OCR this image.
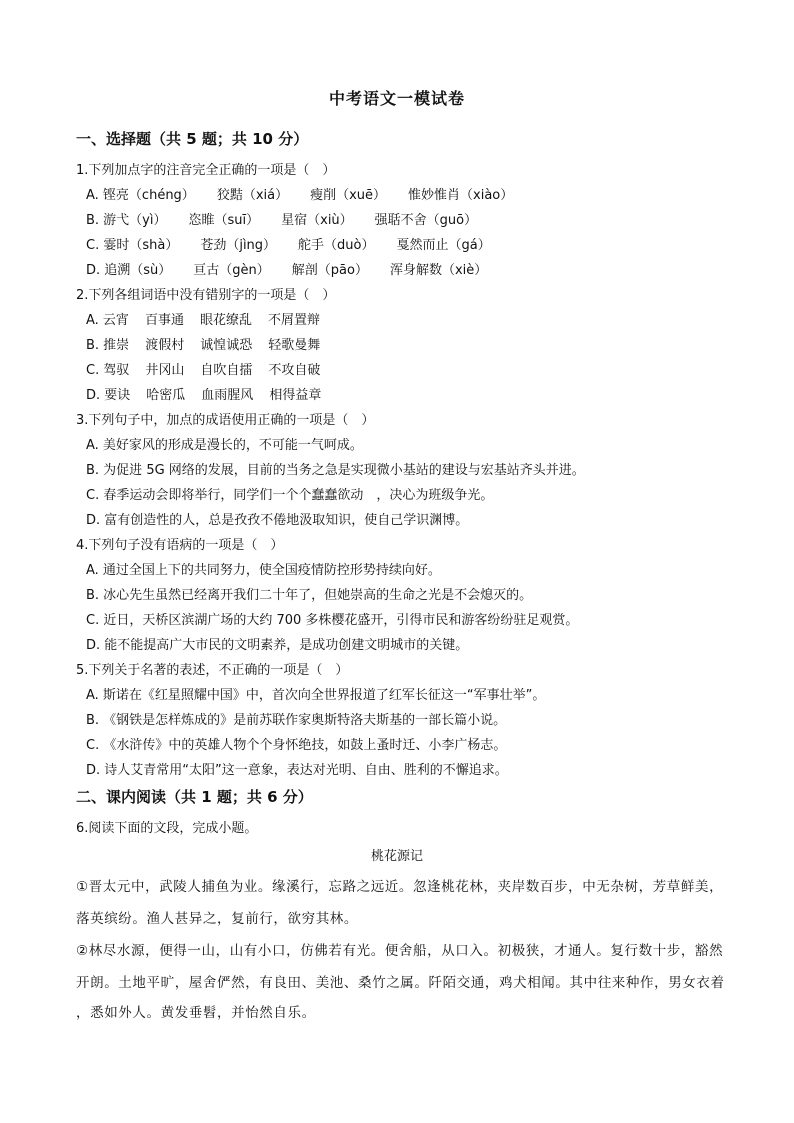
中考语文一模试卷
一、选择题（共 5 题；共 10 分）
1.下列加点字的注音完全正确的一项是（　）
A. 铿亮（chéng） 狡黠（xiá） 瘦削（xuē） 惟妙惟肖（xiào）
B. 游弋（yì） 恣睢（suī） 星宿（xiù） 强聒不舍（guō）
C. 霎时（shà） 苍劲（jìng） 舵手（duò） 戛然而止（gá）
D. 追溯（sù） 亘古（gèn） 解剖（pāo） 浑身解数（xiè）
2.下列各组词语中没有错别字的一项是（　）
A. 云宵 百事通 眼花缭乱 不屑置辩
B. 推崇 渡假村 诚惶诚恐 轻歌曼舞
C. 驾驭 井冈山 自吹自擂 不攻自破
D. 要诀 哈密瓜 血雨腥风 相得益章
3.下列句子中，加点的成语使用正确的一项是（　）
A. 美好家风的形成是漫长的，不可能一气呵成。
B. 为促进 5G 网络的发展，目前的当务之急是实现微小基站的建设与宏基站齐头并进。
C. 春季运动会即将举行，同学们一个个蠢蠢欲动　，决心为班级争光。
D. 富有创造性的人，总是孜孜不倦地汲取知识，使自己学识渊博。
4.下列句子没有语病的一项是（　）
A. 通过全国上下的共同努力，使全国疫情防控形势持续向好。
B. 冰心先生虽然已经离开我们二十年了，但她崇高的生命之光是不会熄灭的。
C. 近日，天桥区滨湖广场的大约 700 多株樱花盛开，引得市民和游客纷纷驻足观赏。
D. 能不能提高广大市民的文明素养，是成功创建文明城市的关键。
5.下列关于名著的表述，不正确的一项是（　）
A. 斯诺在《红星照耀中国》中，首次向全世界报道了红军长征这一“军事壮举”。
B. 《钢铁是怎样炼成的》是前苏联作家奥斯特洛夫斯基的一部长篇小说。
C. 《水浒传》中的英雄人物个个身怀绝技，如鼓上蚤时迁、小李广杨志。
D. 诗人艾青常用“太阳”这一意象，表达对光明、自由、胜利的不懈追求。
二、课内阅读（共 1 题；共 6 分）
6.阅读下面的文段，完成小题。
桃花源记
①晋太元中，武陵人捕鱼为业。缘溪行，忘路之远近。忽逢桃花林，夹岸数百步，中无杂树，芳草鲜美，
落英缤纷。渔人甚异之，复前行，欲穷其林。
②林尽水源，便得一山，山有小口，仿佛若有光。便舍船，从口入。初极狭，才通人。复行数十步，豁然
开朗。土地平旷，屋舍俨然，有良田、美池、桑竹之属。阡陌交通，鸡犬相闻。其中往来种作，男女衣着
，悉如外人。黄发垂髫，并怡然自乐。
